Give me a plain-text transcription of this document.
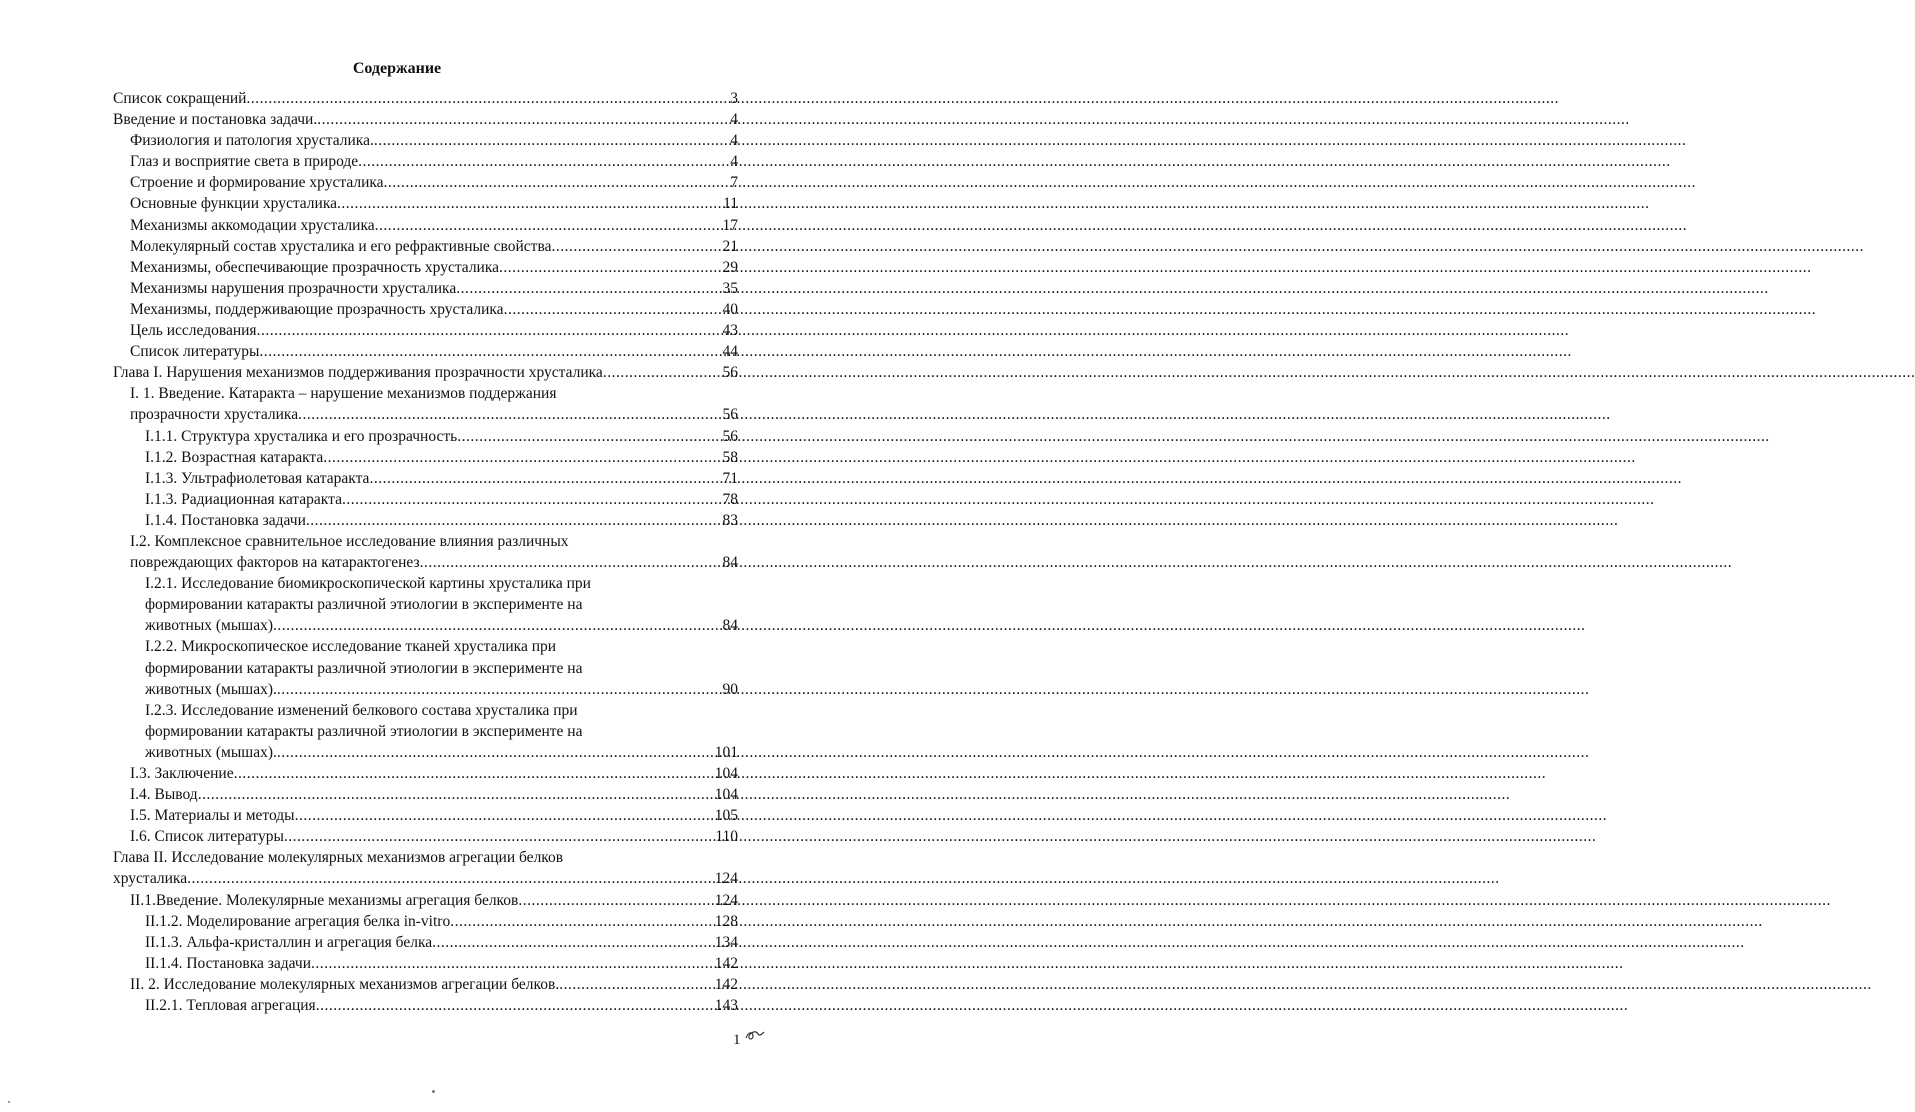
Содержание
Список сокращений .....	3
Введение и постановка задачи. .....	4
Физиология и патология хрусталика. .....	4
Глаз и восприятие света в природе .....	4
Строение и формирование хрусталика .....	7
Основные функции хрусталика .....	11
Механизмы аккомодации хрусталика .....	17
Молекулярный состав хрусталика и его рефрактивные свойства .....	21
Механизмы, обеспечивающие прозрачность хрусталика .....	29
Механизмы нарушения прозрачности хрусталика .....	35
Механизмы, поддерживающие прозрачность хрусталика .....	40
Цель исследования .....	43
Список литературы .....	44
Глава I. Нарушения механизмов поддерживания прозрачности хрусталика .....	56
I. 1. Введение. Катаракта – нарушение механизмов поддержания
прозрачности хрусталика .....	56
I.1.1. Структура хрусталика и его прозрачность .....	56
I.1.2. Возрастная катаракта .....	58
I.1.3. Ультрафиолетовая катаракта .....	71
I.1.3. Радиационная катаракта .....	78
I.1.4. Постановка задачи .....	83
I.2. Комплексное сравнительное исследование влияния различных
повреждающих факторов на катарактогенез .....	84
I.2.1. Исследование биомикроскопической картины хрусталика при
формировании катаракты различной этиологии в эксперименте на
животных (мышах) .....	84
I.2.2. Микроскопическое исследование тканей хрусталика при
формировании катаракты различной этиологии в эксперименте на
животных (мышах). .....	90
I.2.3. Исследование изменений белкового состава хрусталика при
формировании катаракты различной этиологии в эксперименте на
животных (мышах). .....	101
I.3. Заключение .....	104
I.4. Вывод .....	104
I.5. Материалы и методы .....	105
I.6. Список литературы .....	110
Глава II. Исследование молекулярных механизмов агрегации белков
хрусталика .....	124
II.1.Введение. Молекулярные механизмы агрегация белков .....	124
II.1.2. Моделирование агрегация белка in-vitro .....	128
II.1.3. Альфа-кристаллин и агрегация белка .....	134
II.1.4. Постановка задачи .....	142
II. 2. Исследование молекулярных механизмов агрегации белков. .....	142
II.2.1. Тепловая агрегация .....	143
1
